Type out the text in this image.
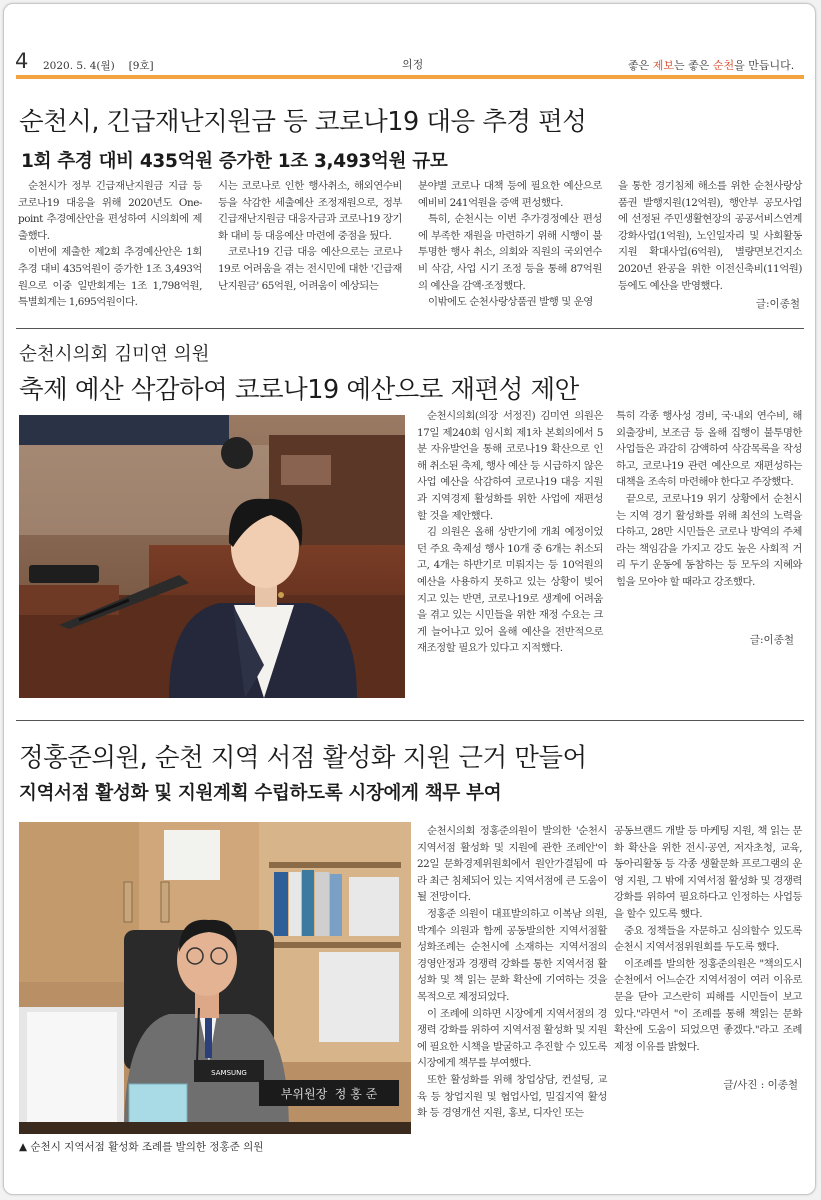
4 2020. 5. 4(월)　 [9호]	의정	좋은 제보는 좋은 순천을 만듭니다.
순천시, 긴급재난지원금 등 코로나19 대응 추경 편성
1회 추경 대비 435억원 증가한 1조 3,493억원 규모

순천시가 정부 긴급재난지원금 지급 등 코로나19 대응을 위해 2020년도 One-point 추경예산안을 편성하여 시의회에 제출했다.

이번에 제출한 제2회 추경예산안은 1회 추경 대비 435억원이 증가한 1조 3,493억원으로 이중 일반회계는 1조 1,798억원, 특별회계는 1,695억원이다.

시는 코로나로 인한 행사취소, 해외연수비 등을 삭감한 세출예산 조정재원으로, 정부 긴급재난지원금 대응자금과 코로나19 장기화 대비 등 대응예산 마련에 중점을 뒀다.

코로나19 긴급 대응 예산으로는 코로나19로 어려움을 겪는 전시민에 대한 '긴급재난지원금' 65억원, 어려움이 예상되는

분야별 코로나 대책 등에 필요한 예산으로 예비비 241억원을 증액 편성했다.

특히, 순천시는 이번 추가경정예산 편성에 부족한 재원을 마련하기 위해 시행이 불투명한 행사 취소, 의회와 직원의 국외연수비 삭감, 사업 시기 조정 등을 통해 87억원의 예산을 감액·조정했다.

이밖에도 순천사랑상품권 발행 및 운영

을 통한 경기침체 해소를 위한 순천사랑상품권 발행지원(12억원), 행안부 공모사업에 선정된 주민생활현장의 공공서비스연계 강화사업(1억원), 노인일자리 및 사회활동지원 확대사업(6억원), 별량면보건지소 2020년 완공을 위한 이전신축비(11억원) 등에도 예산을 반영했다.

글:이종철
순천시의회 김미연 의원
축제 예산 삭감하여 코로나19 예산으로 재편성 제안

순천시의회(의장 서정진) 김미연 의원은 17일 제240회 임시회 제1차 본회의에서 5분 자유발언을 통해 코로나19 확산으로 인해 취소된 축제, 행사 예산 등 시급하지 않은 사업 예산을 삭감하여 코로나19 대응 지원과 지역경제 활성화를 위한 사업에 재편성할 것을 제안했다.

김 의원은 올해 상반기에 개최 예정이었던 주요 축제성 행사 10개 중 6개는 취소되고, 4개는 하반기로 미뤄지는 등 10억원의 예산을 사용하지 못하고 있는 상황이 빚어지고 있는 반면, 코로나19로 생계에 어려움을 겪고 있는 시민들을 위한 재정 수요는 크게 늘어나고 있어 올해 예산을 전반적으로 재조정할 필요가 있다고 지적했다.

특히 각종 행사성 경비, 국·내외 연수비, 해외출장비, 보조금 등 올해 집행이 불투명한 사업들은 과감히 감액하여 삭감목록을 작성하고, 코로나19 관련 예산으로 재편성하는 대책을 조속히 마련해야 한다고 주장했다.

끝으로, 코로나19 위기 상황에서 순천시는 지역 경기 활성화를 위해 최선의 노력을 다하고, 28만 시민들은 코로나 방역의 주체라는 책임감을 가지고 강도 높은 사회적 거리 두기 운동에 동참하는 등 모두의 지혜와 힘을 모아야 할 때라고 강조했다.

글:이종철
정홍준의원, 순천 지역 서점 활성화 지원 근거 만들어
지역서점 활성화 및 지원계획 수립하도록 시장에게 책무 부여
SAMSUNG
부위원장  정 홍 준
▲ 순천시 지역서점 활성화 조례를 발의한 정홍준 의원

순천시의회 정홍준의원이 발의한 '순천시 지역서점 활성화 및 지원에 관한 조례안'이 22일 문화경제위원회에서 원안가결됨에 따라 최근 침체되어 있는 지역서점에 큰 도움이 될 전망이다.

정홍준 의원이 대표발의하고 이복남 의원, 박계수 의원과 함께 공동발의한 지역서점활성화조례는 순천시에 소재하는 지역서점의 경영안정과 경쟁력 강화를 통한 지역서점 활성화 및 책 읽는 문화 확산에 기여하는 것을 목적으로 제정되었다.

이 조례에 의하면 시장에게 지역서점의 경쟁력 강화를 위하여 지역서점 활성화 및 지원에 필요한 시책을 발굴하고 추진할 수 있도록 시장에게 책무를 부여했다.

또한 활성화를 위해 창업상담, 컨설팅, 교육 등 창업지원 및 협업사업, 밀집지역 활성화 등 경영개선 지원, 홍보, 디자인 또는

공동브랜드 개발 등 마케팅 지원, 책 읽는 문화 확산을 위한 전시·공연, 저자초청, 교육, 동아리활동 등 각종 생활문화 프로그램의 운영 지원, 그 밖에 지역서점 활성화 및 경쟁력 강화를 위하여 필요하다고 인정하는 사업등을 할수 있도록 했다.

중요 정책들을 자문하고 심의할수 있도록 순천시 지역서점위원회를 두도록 했다.

이조례를 발의한 정홍준의원은 "책의도시 순천에서 어느순간 지역서점이 여러 이유로 문을 닫아 고스란히 피해를 시민들이 보고 있다."라면서 "이 조례를 통해 책읽는 문화확산에 도움이 되었으면 좋겠다."라고 조례제정 이유를 밝혔다.

글/사진 : 이종철
